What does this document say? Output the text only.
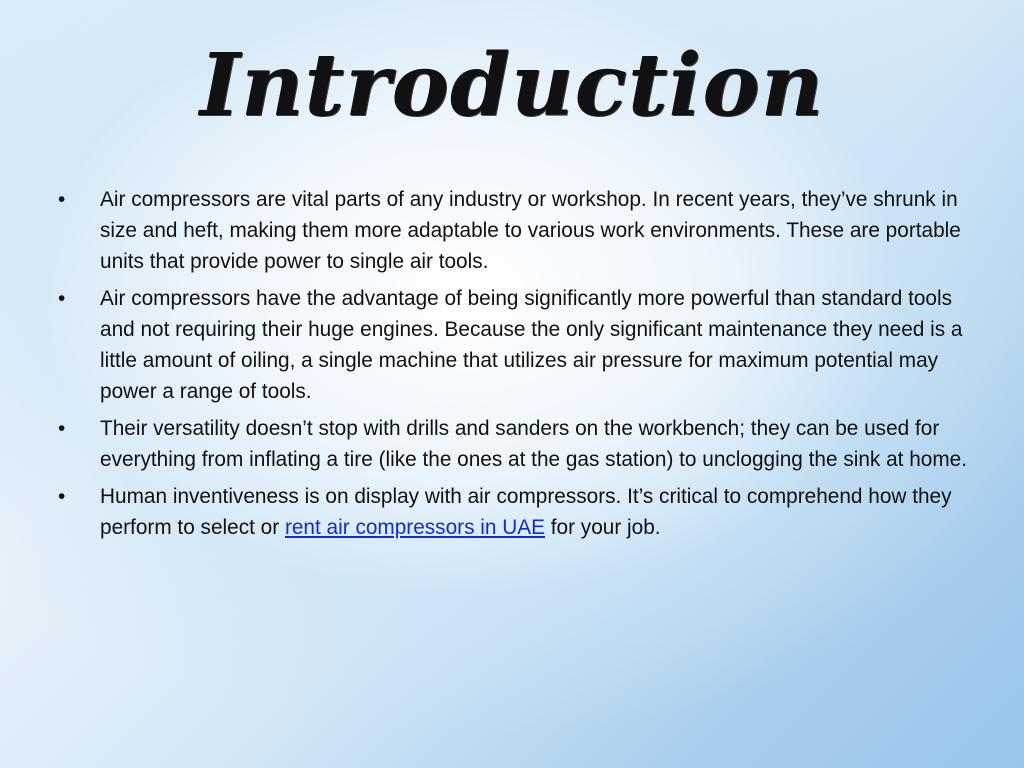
Introduction
•	Air compressors are vital parts of any industry or workshop. In recent years, they’ve shrunk in size and heft, making them more adaptable to various work environments. These are portable units that provide power to single air tools.
•	Air compressors have the advantage of being significantly more powerful than standard tools and not requiring their huge engines. Because the only significant maintenance they need is a little amount of oiling, a single machine that utilizes air pressure for maximum potential may power a range of tools.
•	Their versatility doesn’t stop with drills and sanders on the workbench; they can be used for everything from inflating a tire (like the ones at the gas station) to unclogging the sink at home.
•	Human inventiveness is on display with air compressors. It’s critical to comprehend how they perform to select or rent air compressors in UAE for your job.
